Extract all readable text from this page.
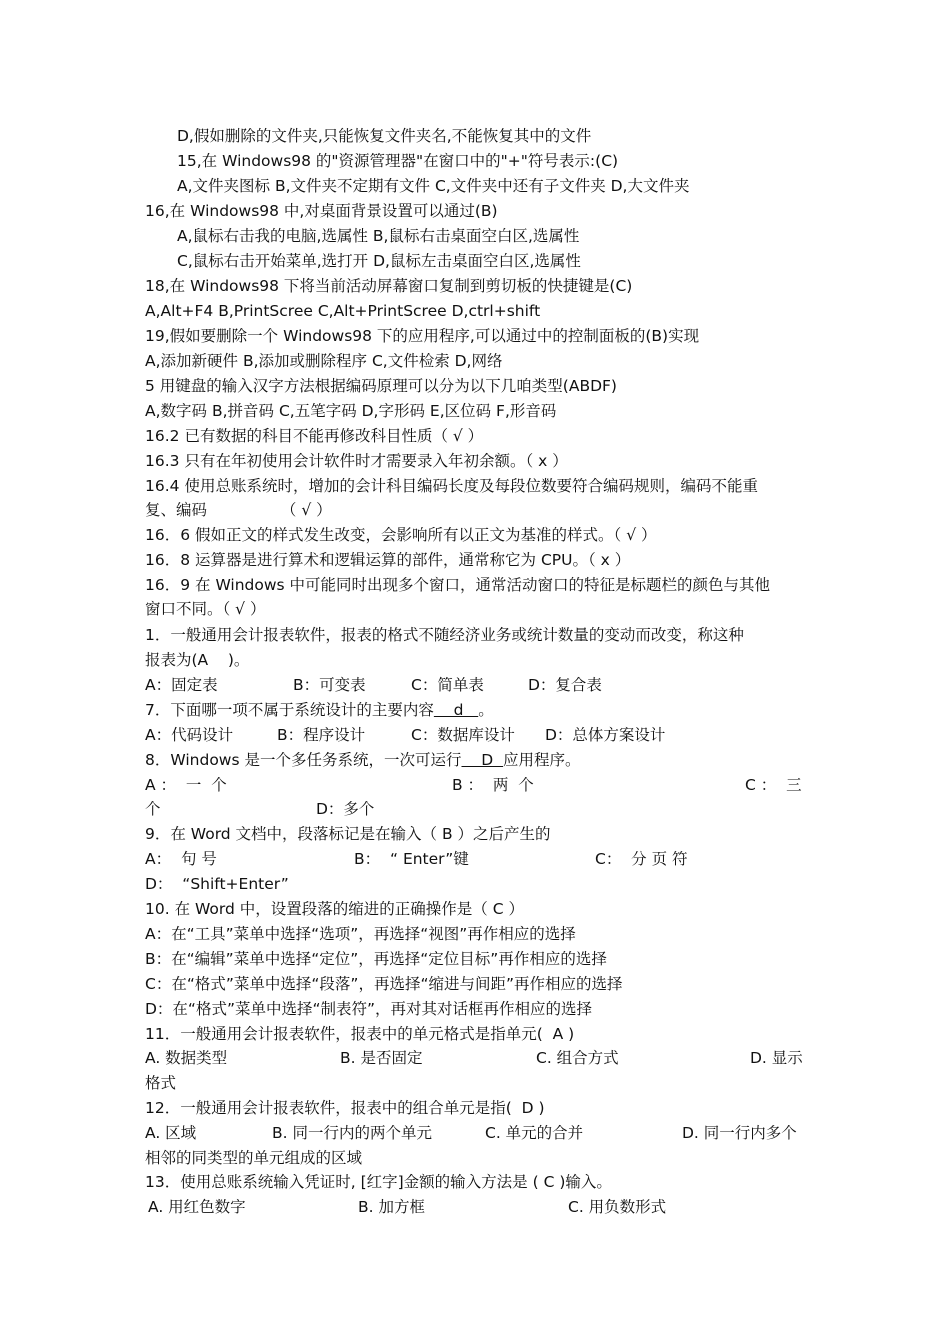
D,假如删除的文件夹,只能恢复文件夹名,不能恢复其中的文件
15,在 Windows98 的"资源管理器"在窗口中的"+"符号表示:(C)
A,文件夹图标 B,文件夹不定期有文件 C,文件夹中还有子文件夹 D,大文件夹
16,在 Windows98 中,对桌面背景设置可以通过(B)
A,鼠标右击我的电脑,选属性 B,鼠标右击桌面空白区,选属性
C,鼠标右击开始菜单,选打开 D,鼠标左击桌面空白区,选属性
18,在 Windows98 下将当前活动屏幕窗口复制到剪切板的快捷键是(C)
A,Alt+F4 B,PrintScree C,Alt+PrintScree D,ctrl+shift
19,假如要删除一个 Windows98 下的应用程序,可以通过中的控制面板的(B)实现
A,添加新硬件 B,添加或删除程序 C,文件检索 D,网络
5 用键盘的输入汉字方法根据编码原理可以分为以下几咱类型(ABDF)
A,数字码 B,拼音码 C,五笔字码 D,字形码 E,区位码 F,形音码
16.2 已有数据的科目不能再修改科目性质（ √ ）
16.3 只有在年初使用会计软件时才需要录入年初余额。（ x ）
16.4 使用总账系统时，增加的会计科目编码长度及每段位数要符合编码规则，编码不能重
复、编码               （ √ ）
16．6 假如正文的样式发生改变，会影响所有以正文为基准的样式。（ √ ）
16．8 运算器是进行算术和逻辑运算的部件，通常称它为 CPU。（ x ）
16．9 在 Windows 中可能同时出现多个窗口，通常活动窗口的特征是标题栏的颜色与其他
窗口不同。（ √ ）
1．一般通用会计报表软件，报表的格式不随经济业务或统计数量的变动而改变，称这种
报表为(A    )。
A：固定表	B：可变表	C：简单表	D：复合表
7．下面哪一项不属于系统设计的主要内容    d   。
A：代码设计	B：程序设计	C：数据库设计 D：总体方案设计
8．Windows 是一个多任务系统，一次可运行    D  应用程序。
A ：  一  个	B ：  两  个	C ：  三
个	D：多个
9．在 Word 文档中，段落标记是在输入（ B ）之后产生的
A：  句 号	B：  “ Enter”键	C：  分 页 符
D：  “Shift+Enter”
10. 在 Word 中，设置段落的缩进的正确操作是（ C ）
A：在“工具”菜单中选择“选项”，再选择“视图”再作相应的选择
B：在“编辑”菜单中选择“定位”，再选择“定位目标”再作相应的选择
C：在“格式”菜单中选择“段落”，再选择“缩进与间距”再作相应的选择
D：在“格式”菜单中选择“制表符”，再对其对话框再作相应的选择
11．一般通用会计报表软件，报表中的单元格式是指单元(  A )
A. 数据类型	B. 是否固定	C. 组合方式	D. 显示
格式
12．一般通用会计报表软件，报表中的组合单元是指(  D )
A. 区域	B. 同一行内的两个单元	C. 单元的合并	D. 同一行内多个
相邻的同类型的单元组成的区域
13．使用总账系统输入凭证时, [红字]金额的输入方法是 ( C )输入。
A. 用红色数字	B. 加方框	C. 用负数形式
